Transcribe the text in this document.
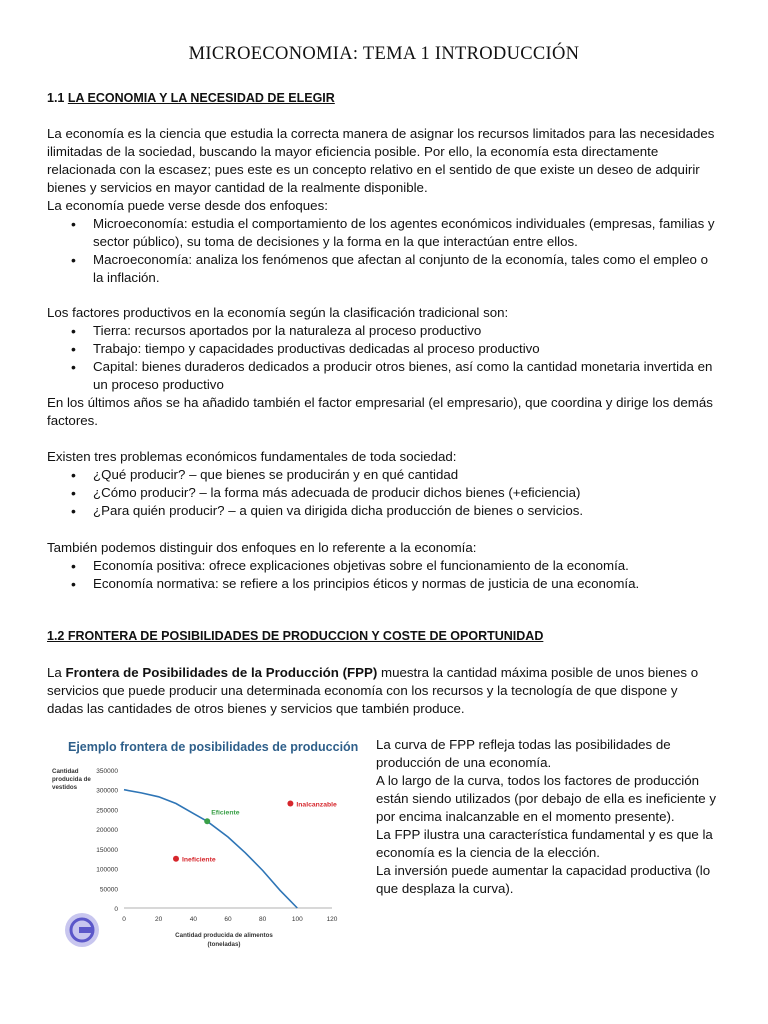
MICROECONOMIA: TEMA 1 INTRODUCCIÓN
1.1 LA ECONOMIA Y LA NECESIDAD DE ELEGIR

La economía es la ciencia que estudia la correcta manera de asignar los recursos limitados para las necesidades ilimitadas de la sociedad, buscando la mayor eficiencia posible. Por ello, la economía esta directamente relacionada con la escasez; pues este es un concepto relativo en el sentido de que existe un deseo de adquirir bienes y servicios en mayor cantidad de la realmente disponible.

La economía puede verse desde dos enfoques:

• Microeconomía: estudia el comportamiento de los agentes económicos individuales (empresas, familias y sector público), su toma de decisiones y la forma en la que interactúan entre ellos.
• Macroeconomía: analiza los fenómenos que afectan al conjunto de la economía, tales como el empleo o la inflación.

Los factores productivos en la economía según la clasificación tradicional son:

• Tierra: recursos aportados por la naturaleza al proceso productivo
• Trabajo: tiempo y capacidades productivas dedicadas al proceso productivo
• Capital: bienes duraderos dedicados a producir otros bienes, así como la cantidad monetaria invertida en un proceso productivo

En los últimos años se ha añadido también el factor empresarial (el empresario), que coordina y dirige los demás factores.

Existen tres problemas económicos fundamentales de toda sociedad:

• ¿Qué producir? – que bienes se producirán y en qué cantidad
• ¿Cómo producir? – la forma más adecuada de producir dichos bienes (+eficiencia)
• ¿Para quién producir? – a quien va dirigida dicha producción de bienes o servicios.

También podemos distinguir dos enfoques en lo referente a la economía:

• Economía positiva: ofrece explicaciones objetivas sobre el funcionamiento de la economía.
• Economía normativa: se refiere a los principios éticos y normas de justicia de una economía.
1.2 FRONTERA DE POSIBILIDADES DE PRODUCCION Y COSTE DE OPORTUNIDAD

La Frontera de Posibilidades de la Producción (FPP) muestra la cantidad máxima posible de unos bienes o servicios que puede producir una determinada economía con los recursos y la tecnología de que dispone y dadas las cantidades de otros bienes y servicios que también produce.

Ejemplo frontera de posibilidades de producción
0
50000
100000
150000
200000
250000
300000
350000
0	20	40	60	80	100	120
Cantidad
producida de
vestidos
Cantidad producida de alimentos
(toneladas)
Eficiente
Inalcanzable
Ineficiente

La curva de FPP refleja todas las posibilidades de producción de una economía.

A lo largo de la curva, todos los factores de producción están siendo utilizados (por debajo de ella es ineficiente y por encima inalcanzable en el momento presente).

La FPP ilustra una característica fundamental y es que la economía es la ciencia de la elección.

La inversión puede aumentar la capacidad productiva (lo que desplaza la curva).
